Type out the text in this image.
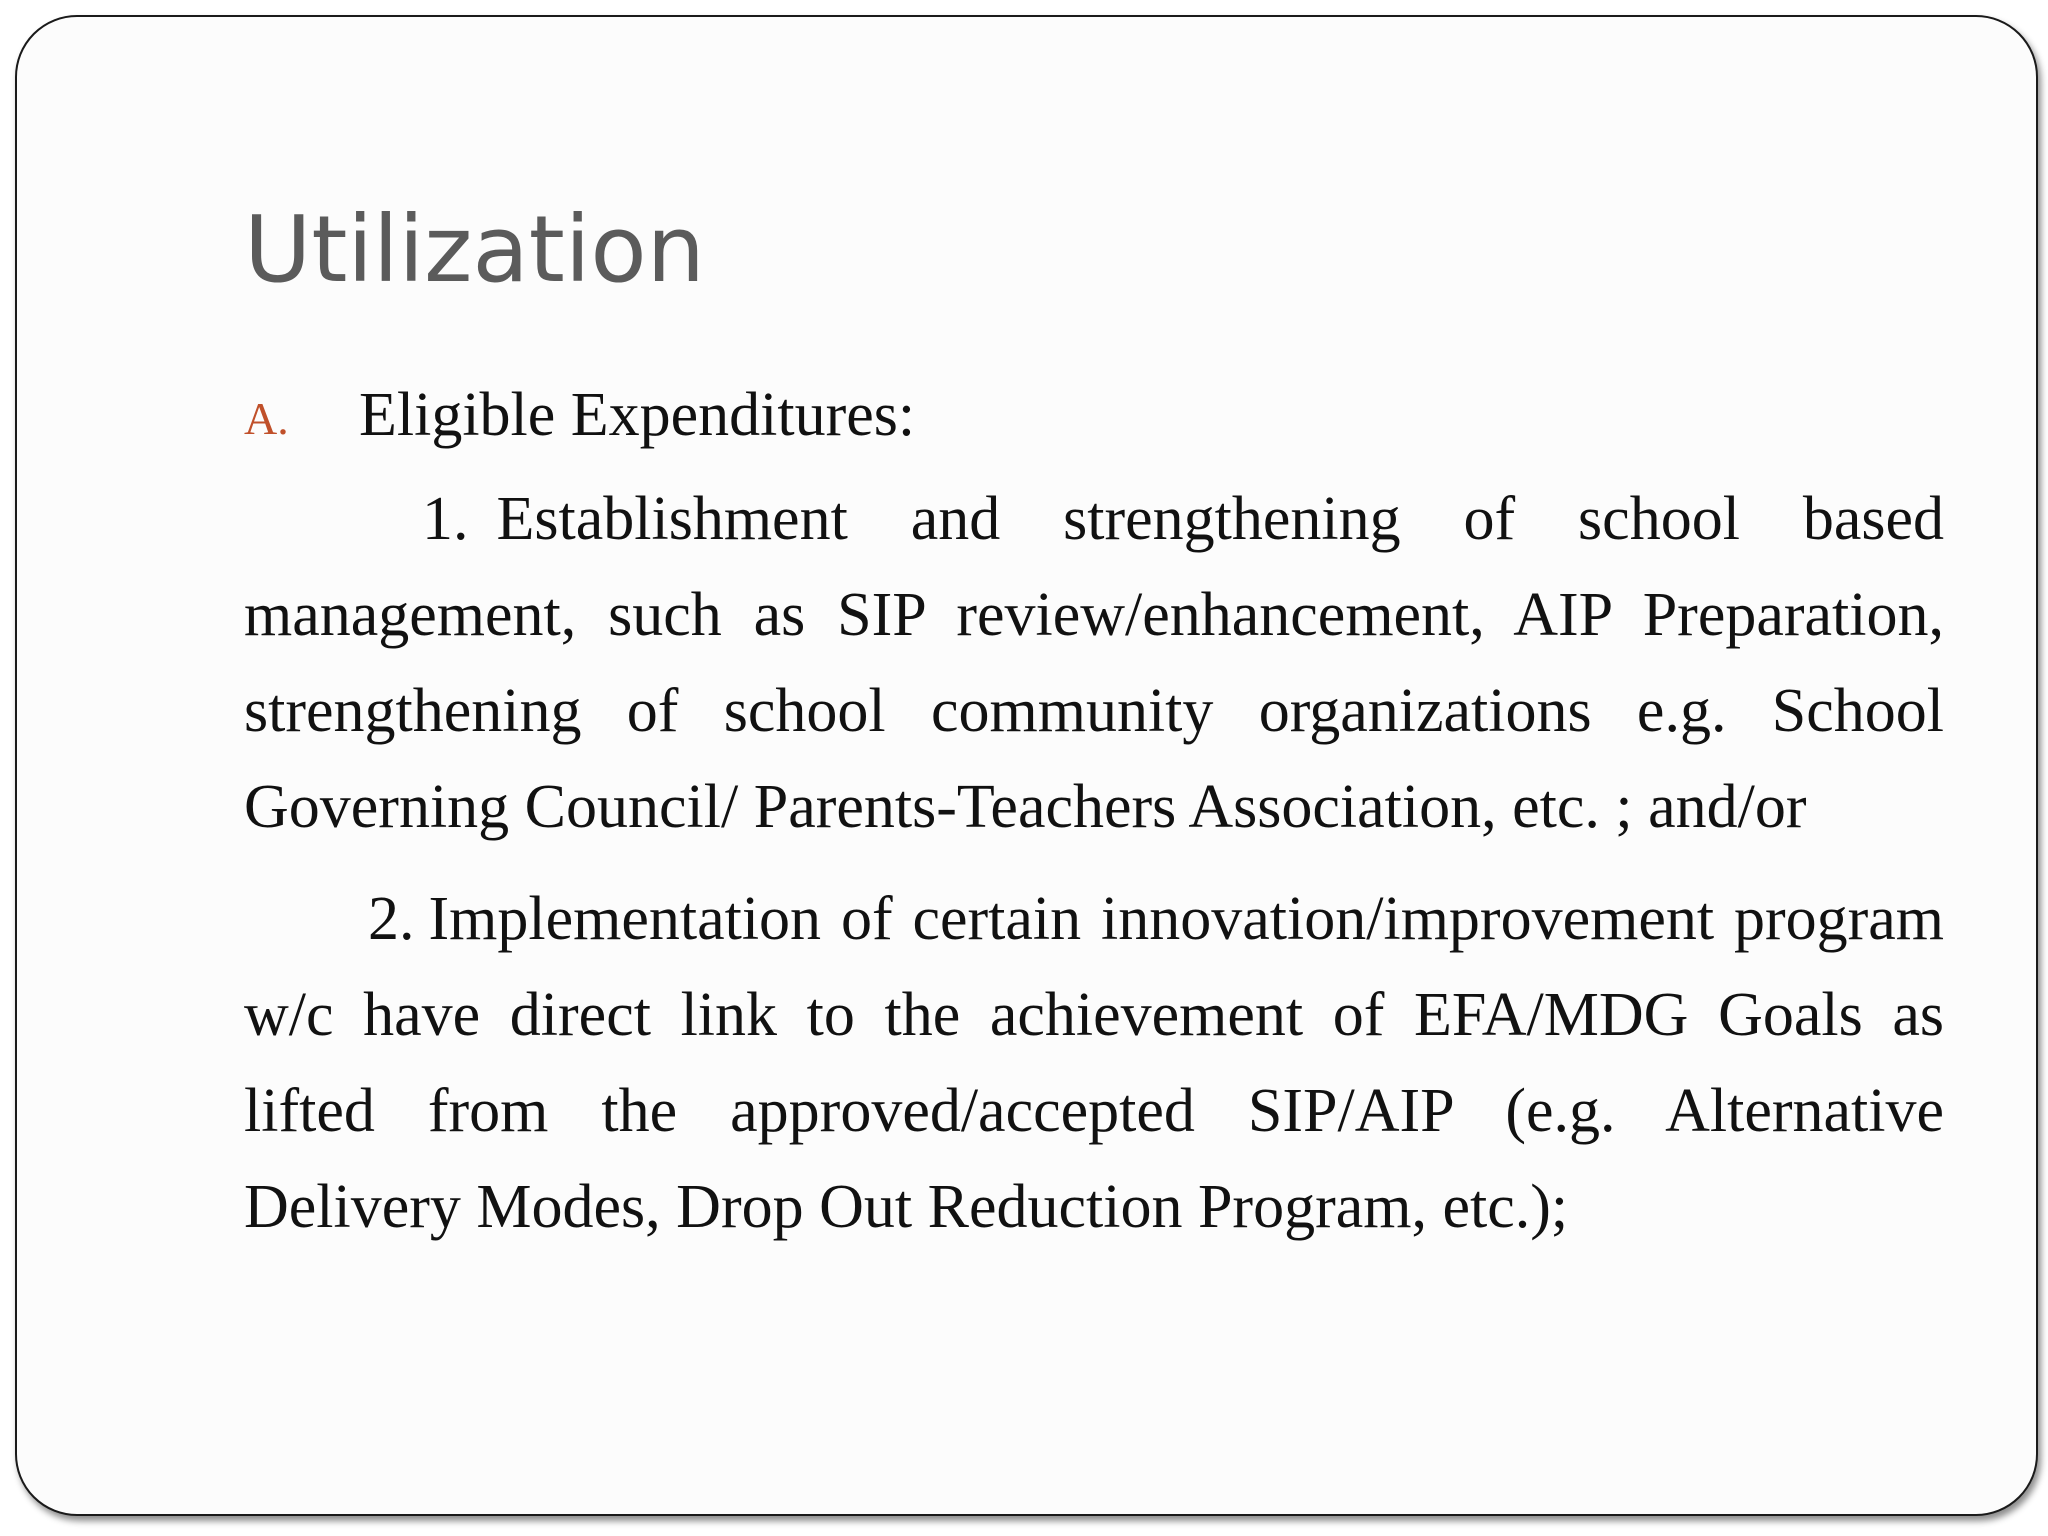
Utilization
A. Eligible Expenditures:

1. Establishment and strengthening of school based management, such as SIP review/enhancement, AIP Preparation, strengthening of school community organizations e.g. School Governing Council/ Parents-Teachers Association, etc. ; and/or

2. Implementation of certain innovation/improvement program w/c have direct link to the achievement of EFA/MDG Goals as lifted from the approved/accepted SIP/AIP (e.g. Alternative Delivery Modes, Drop Out Reduction Program, etc.);
